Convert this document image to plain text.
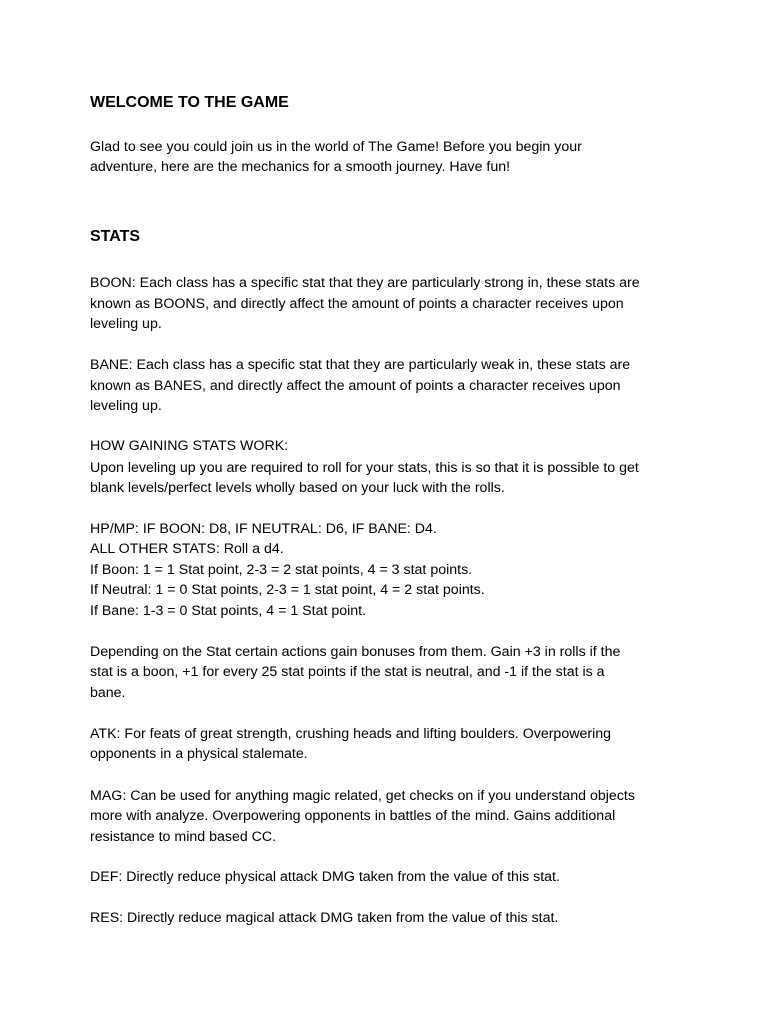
WELCOME TO THE GAME
Glad to see you could join us in the world of The Game! Before you begin your
adventure, here are the mechanics for a smooth journey. Have fun!
STATS
BOON: Each class has a specific stat that they are particularly strong in, these stats are
known as BOONS, and directly affect the amount of points a character receives upon
leveling up.
BANE: Each class has a specific stat that they are particularly weak in, these stats are
known as BANES, and directly affect the amount of points a character receives upon
leveling up.
HOW GAINING STATS WORK:
Upon leveling up you are required to roll for your stats, this is so that it is possible to get
blank levels/perfect levels wholly based on your luck with the rolls.
HP/MP: IF BOON: D8, IF NEUTRAL: D6, IF BANE: D4.
ALL OTHER STATS: Roll a d4.
If Boon: 1 = 1 Stat point, 2-3 = 2 stat points, 4 = 3 stat points.
If Neutral: 1 = 0 Stat points, 2-3 = 1 stat point, 4 = 2 stat points.
If Bane: 1-3 = 0 Stat points, 4 = 1 Stat point.
Depending on the Stat certain actions gain bonuses from them. Gain +3 in rolls if the
stat is a boon, +1 for every 25 stat points if the stat is neutral, and -1 if the stat is a
bane.
ATK: For feats of great strength, crushing heads and lifting boulders. Overpowering
opponents in a physical stalemate.
MAG: Can be used for anything magic related, get checks on if you understand objects
more with analyze. Overpowering opponents in battles of the mind. Gains additional
resistance to mind based CC.
DEF: Directly reduce physical attack DMG taken from the value of this stat.
RES: Directly reduce magical attack DMG taken from the value of this stat.
